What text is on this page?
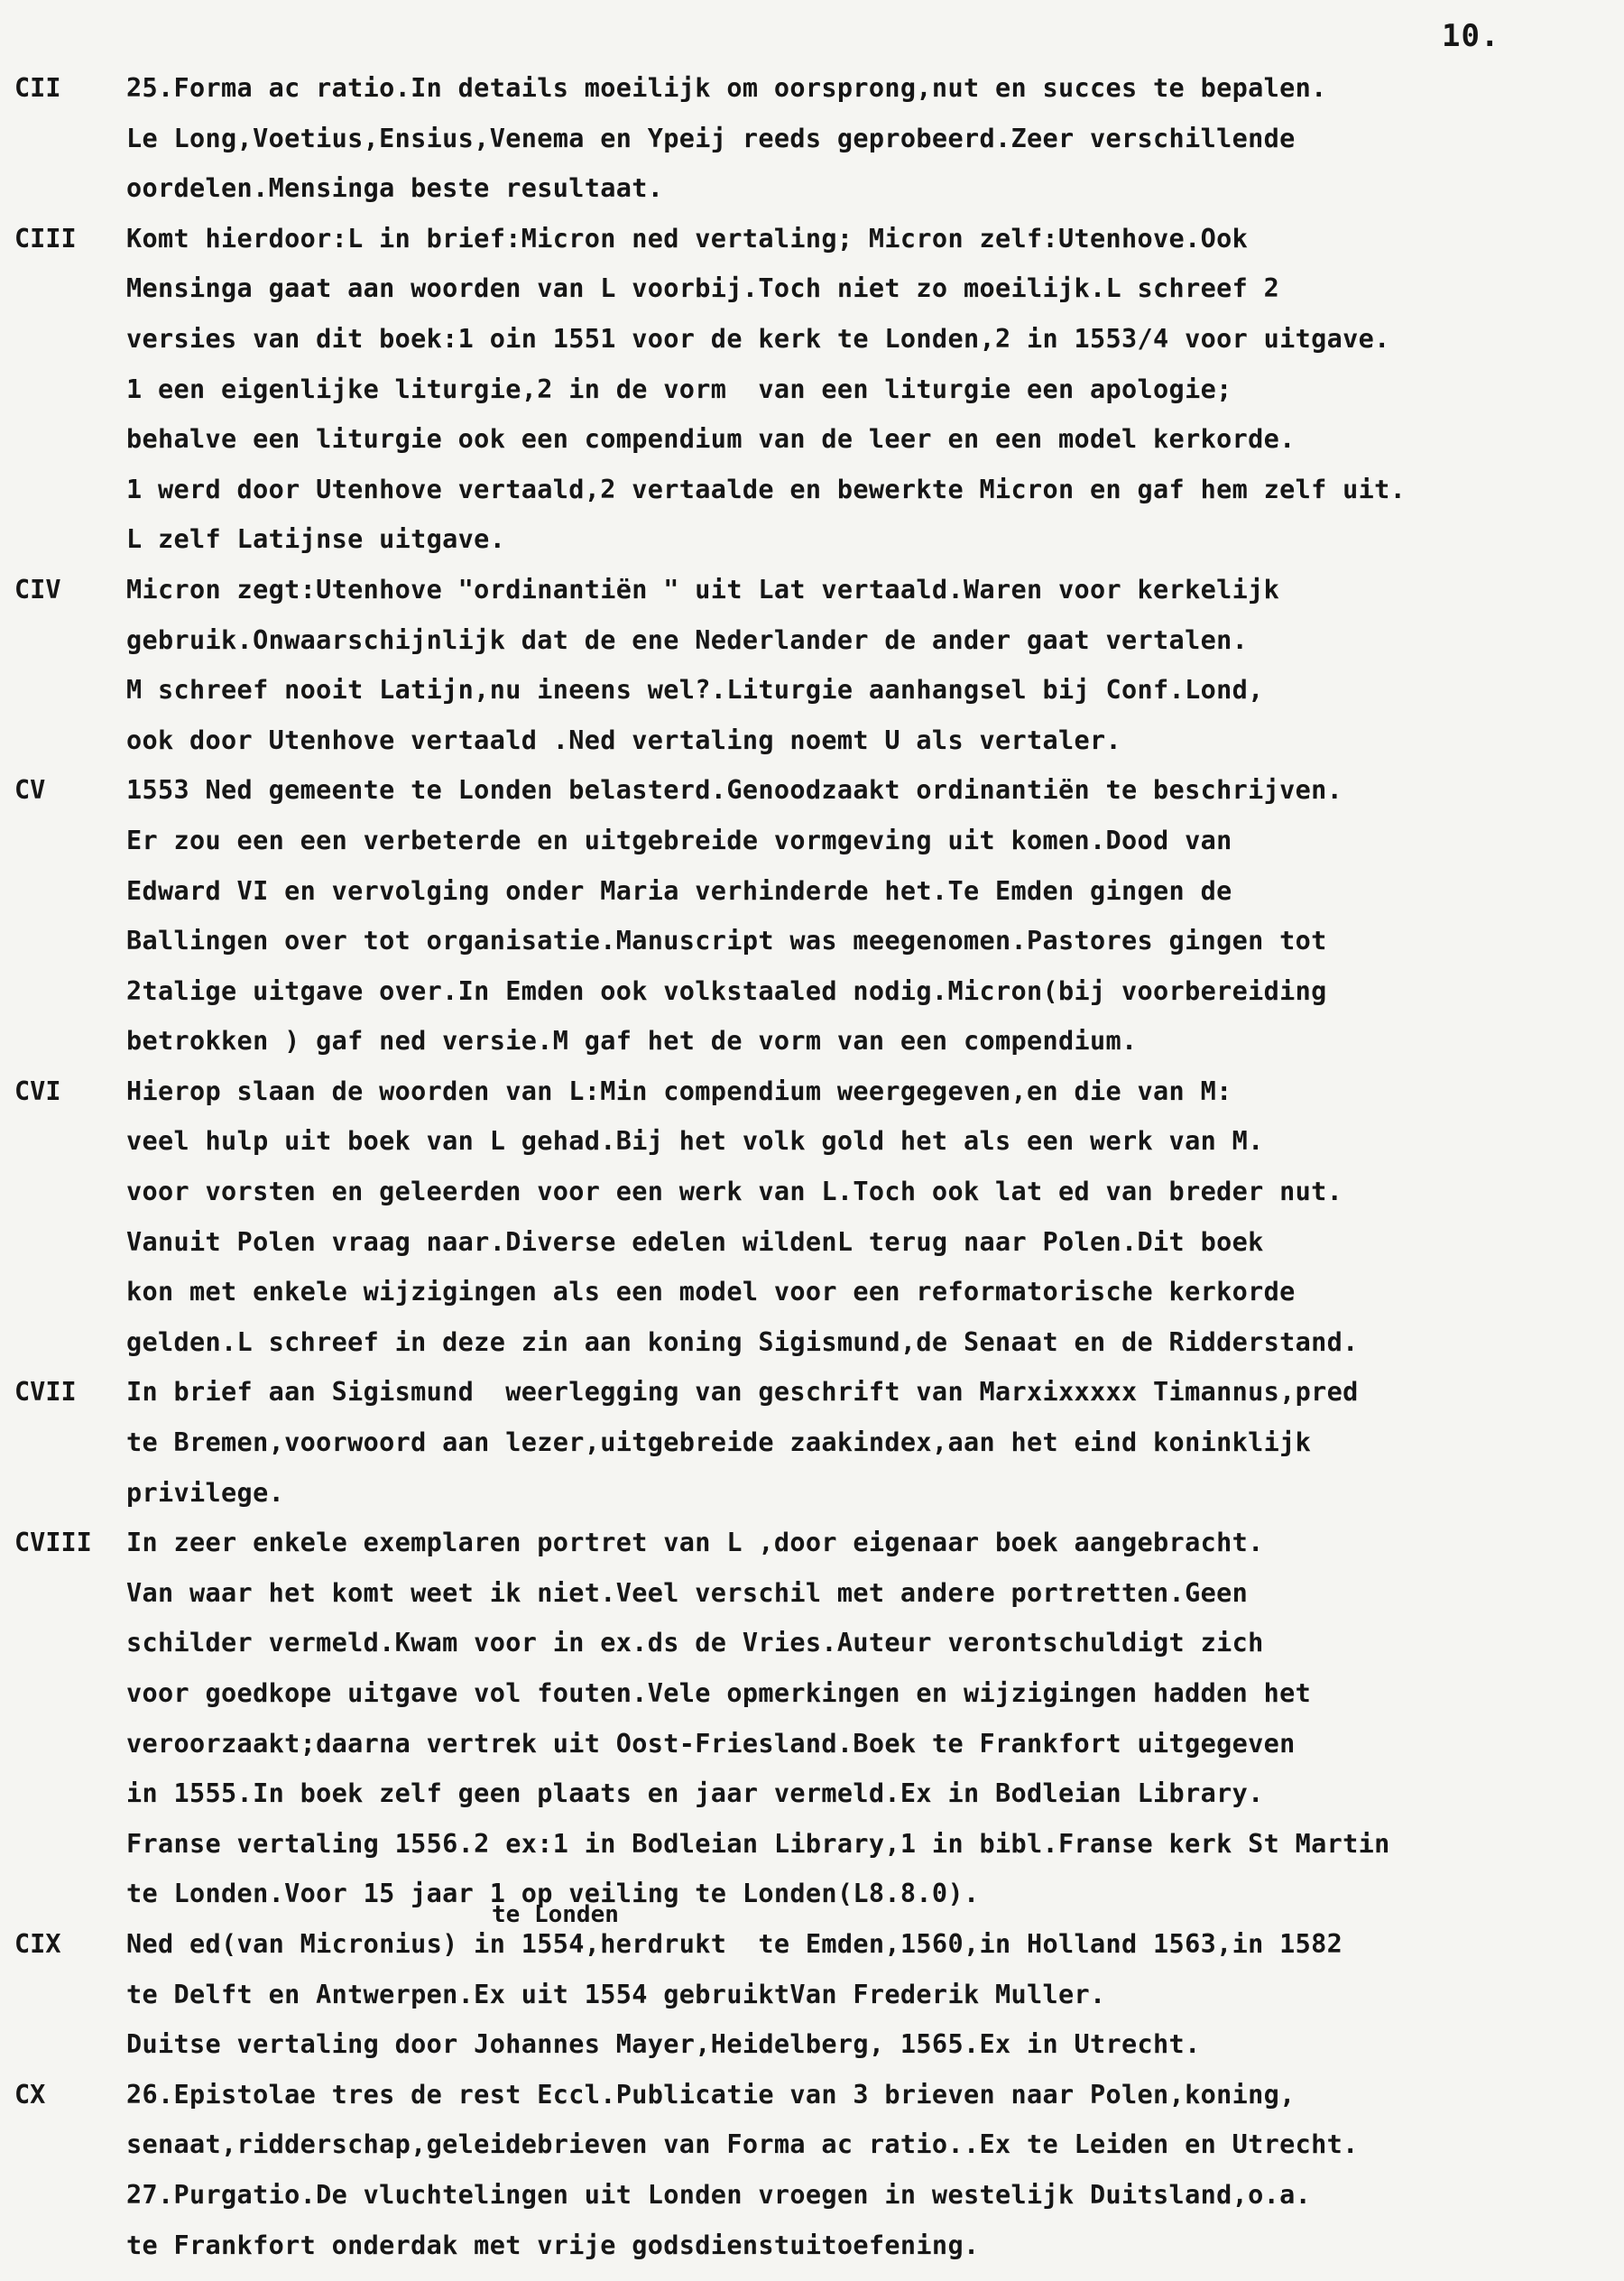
10.
CII	25.Forma ac ratio.In details moeilijk om oorsprong,nut en succes te bepalen.
Le Long,Voetius,Ensius,Venema en Ypeij reeds geprobeerd.Zeer verschillende
oordelen.Mensinga beste resultaat.
CIII	Komt hierdoor:L in brief:Micron ned vertaling; Micron zelf:Utenhove.Ook
Mensinga gaat aan woorden van L voorbij.Toch niet zo moeilijk.L schreef 2
versies van dit boek:1 oin 1551 voor de kerk te Londen,2 in 1553/4 voor uitgave.
1 een eigenlijke liturgie,2 in de vorm  van een liturgie een apologie;
behalve een liturgie ook een compendium van de leer en een model kerkorde.
1 werd door Utenhove vertaald,2 vertaalde en bewerkte Micron en gaf hem zelf uit.
L zelf Latijnse uitgave.
CIV	Micron zegt:Utenhove "ordinantiën " uit Lat vertaald.Waren voor kerkelijk
gebruik.Onwaarschijnlijk dat de ene Nederlander de ander gaat vertalen.
M schreef nooit Latijn,nu ineens wel?.Liturgie aanhangsel bij Conf.Lond,
ook door Utenhove vertaald .Ned vertaling noemt U als vertaler.
CV	1553 Ned gemeente te Londen belasterd.Genoodzaakt ordinantiën te beschrijven.
Er zou een een verbeterde en uitgebreide vormgeving uit komen.Dood van
Edward VI en vervolging onder Maria verhinderde het.Te Emden gingen de
Ballingen over tot organisatie.Manuscript was meegenomen.Pastores gingen tot
2talige uitgave over.In Emden ook volkstaaled nodig.Micron(bij voorbereiding
betrokken ) gaf ned versie.M gaf het de vorm van een compendium.
CVI	Hierop slaan de woorden van L:Min compendium weergegeven,en die van M:
veel hulp uit boek van L gehad.Bij het volk gold het als een werk van M.
voor vorsten en geleerden voor een werk van L.Toch ook lat ed van breder nut.
Vanuit Polen vraag naar.Diverse edelen wildenL terug naar Polen.Dit boek
kon met enkele wijzigingen als een model voor een reformatorische kerkorde
gelden.L schreef in deze zin aan koning Sigismund,de Senaat en de Ridderstand.
CVII	In brief aan Sigismund  weerlegging van geschrift van Marxixxxxx Timannus,pred
te Bremen,voorwoord aan lezer,uitgebreide zaakindex,aan het eind koninklijk
privilege.
CVIII	In zeer enkele exemplaren portret van L ,door eigenaar boek aangebracht.
Van waar het komt weet ik niet.Veel verschil met andere portretten.Geen
schilder vermeld.Kwam voor in ex.ds de Vries.Auteur verontschuldigt zich
voor goedkope uitgave vol fouten.Vele opmerkingen en wijzigingen hadden het
veroorzaakt;daarna vertrek uit Oost-Friesland.Boek te Frankfort uitgegeven
in 1555.In boek zelf geen plaats en jaar vermeld.Ex in Bodleian Library.
Franse vertaling 1556.2 ex:1 in Bodleian Library,1 in bibl.Franse kerk St Martin
te Londen.Voor 15 jaar 1 op veiling te Londen(L8.8.0).
te Londen
CIX	Ned ed(van Micronius) in 1554,herdrukt  te Emden,1560,in Holland 1563,in 1582
te Delft en Antwerpen.Ex uit 1554 gebruiktVan Frederik Muller.
Duitse vertaling door Johannes Mayer,Heidelberg, 1565.Ex in Utrecht.
CX	26.Epistolae tres de rest Eccl.Publicatie van 3 brieven naar Polen,koning,
senaat,ridderschap,geleidebrieven van Forma ac ratio..Ex te Leiden en Utrecht.
27.Purgatio.De vluchtelingen uit Londen vroegen in westelijk Duitsland,o.a.
te Frankfort onderdak met vrije godsdienstuitoefening.
